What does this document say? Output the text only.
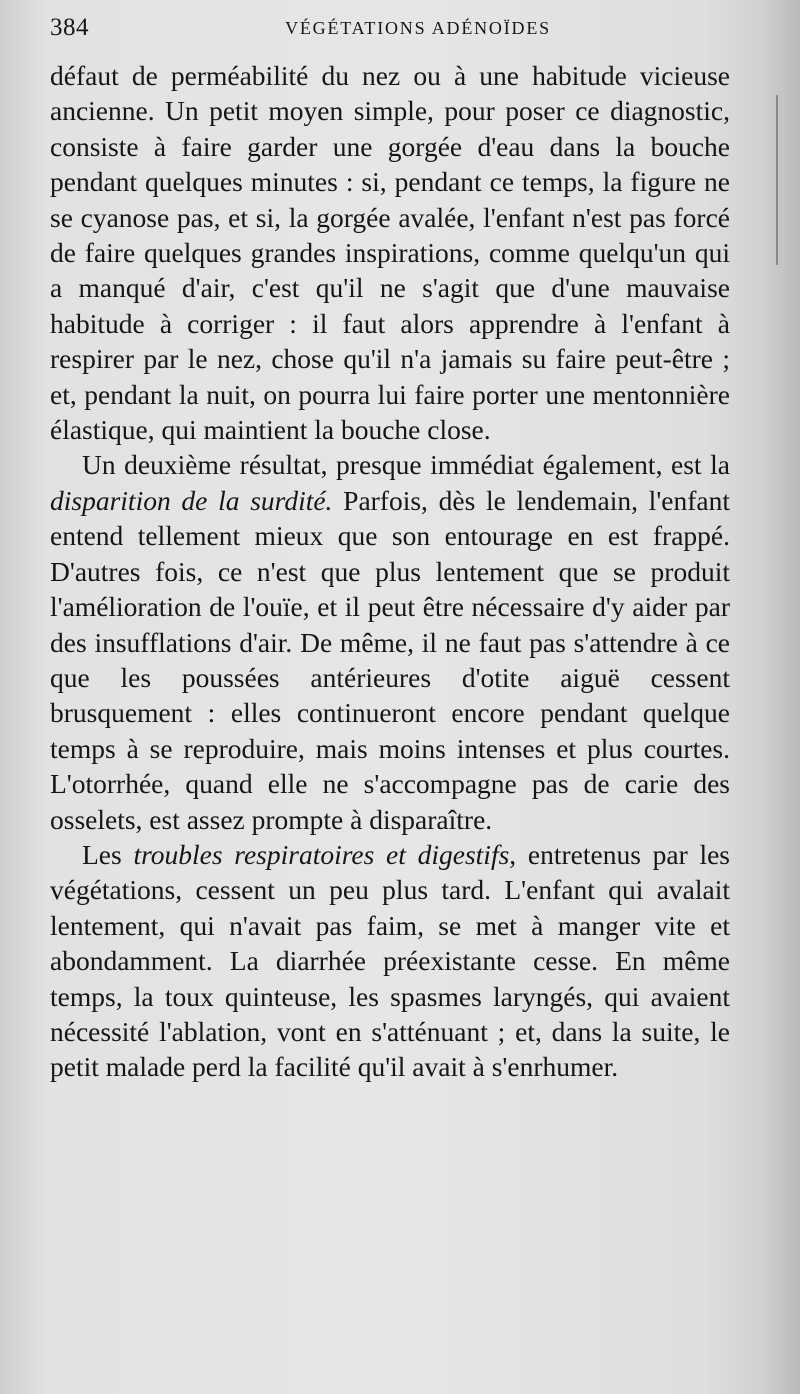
384	VÉGÉTATIONS ADÉNOÏDES

défaut de perméabilité du nez ou à une habitude vicieuse ancienne. Un petit moyen simple, pour poser ce diagnostic, consiste à faire garder une gorgée d'eau dans la bouche pendant quelques minutes : si, pendant ce temps, la figure ne se cyanose pas, et si, la gorgée avalée, l'enfant n'est pas forcé de faire quelques grandes inspirations, comme quelqu'un qui a manqué d'air, c'est qu'il ne s'agit que d'une mauvaise habitude à corriger : il faut alors apprendre à l'enfant à respirer par le nez, chose qu'il n'a jamais su faire peut-être ; et, pendant la nuit, on pourra lui faire porter une mentonnière élastique, qui maintient la bouche close.

Un deuxième résultat, presque immédiat également, est la disparition de la surdité. Parfois, dès le lendemain, l'enfant entend tellement mieux que son entourage en est frappé. D'autres fois, ce n'est que plus lentement que se produit l'amélioration de l'ouïe, et il peut être nécessaire d'y aider par des insufflations d'air. De même, il ne faut pas s'attendre à ce que les poussées antérieures d'otite aiguë cessent brusquement : elles continueront encore pendant quelque temps à se reproduire, mais moins intenses et plus courtes. L'otorrhée, quand elle ne s'accompagne pas de carie des osselets, est assez prompte à disparaître.

Les troubles respiratoires et digestifs, entretenus par les végétations, cessent un peu plus tard. L'enfant qui avalait lentement, qui n'avait pas faim, se met à manger vite et abondamment. La diarrhée préexistante cesse. En même temps, la toux quinteuse, les spasmes laryngés, qui avaient nécessité l'ablation, vont en s'atténuant ; et, dans la suite, le petit malade perd la facilité qu'il avait à s'enrhumer.
